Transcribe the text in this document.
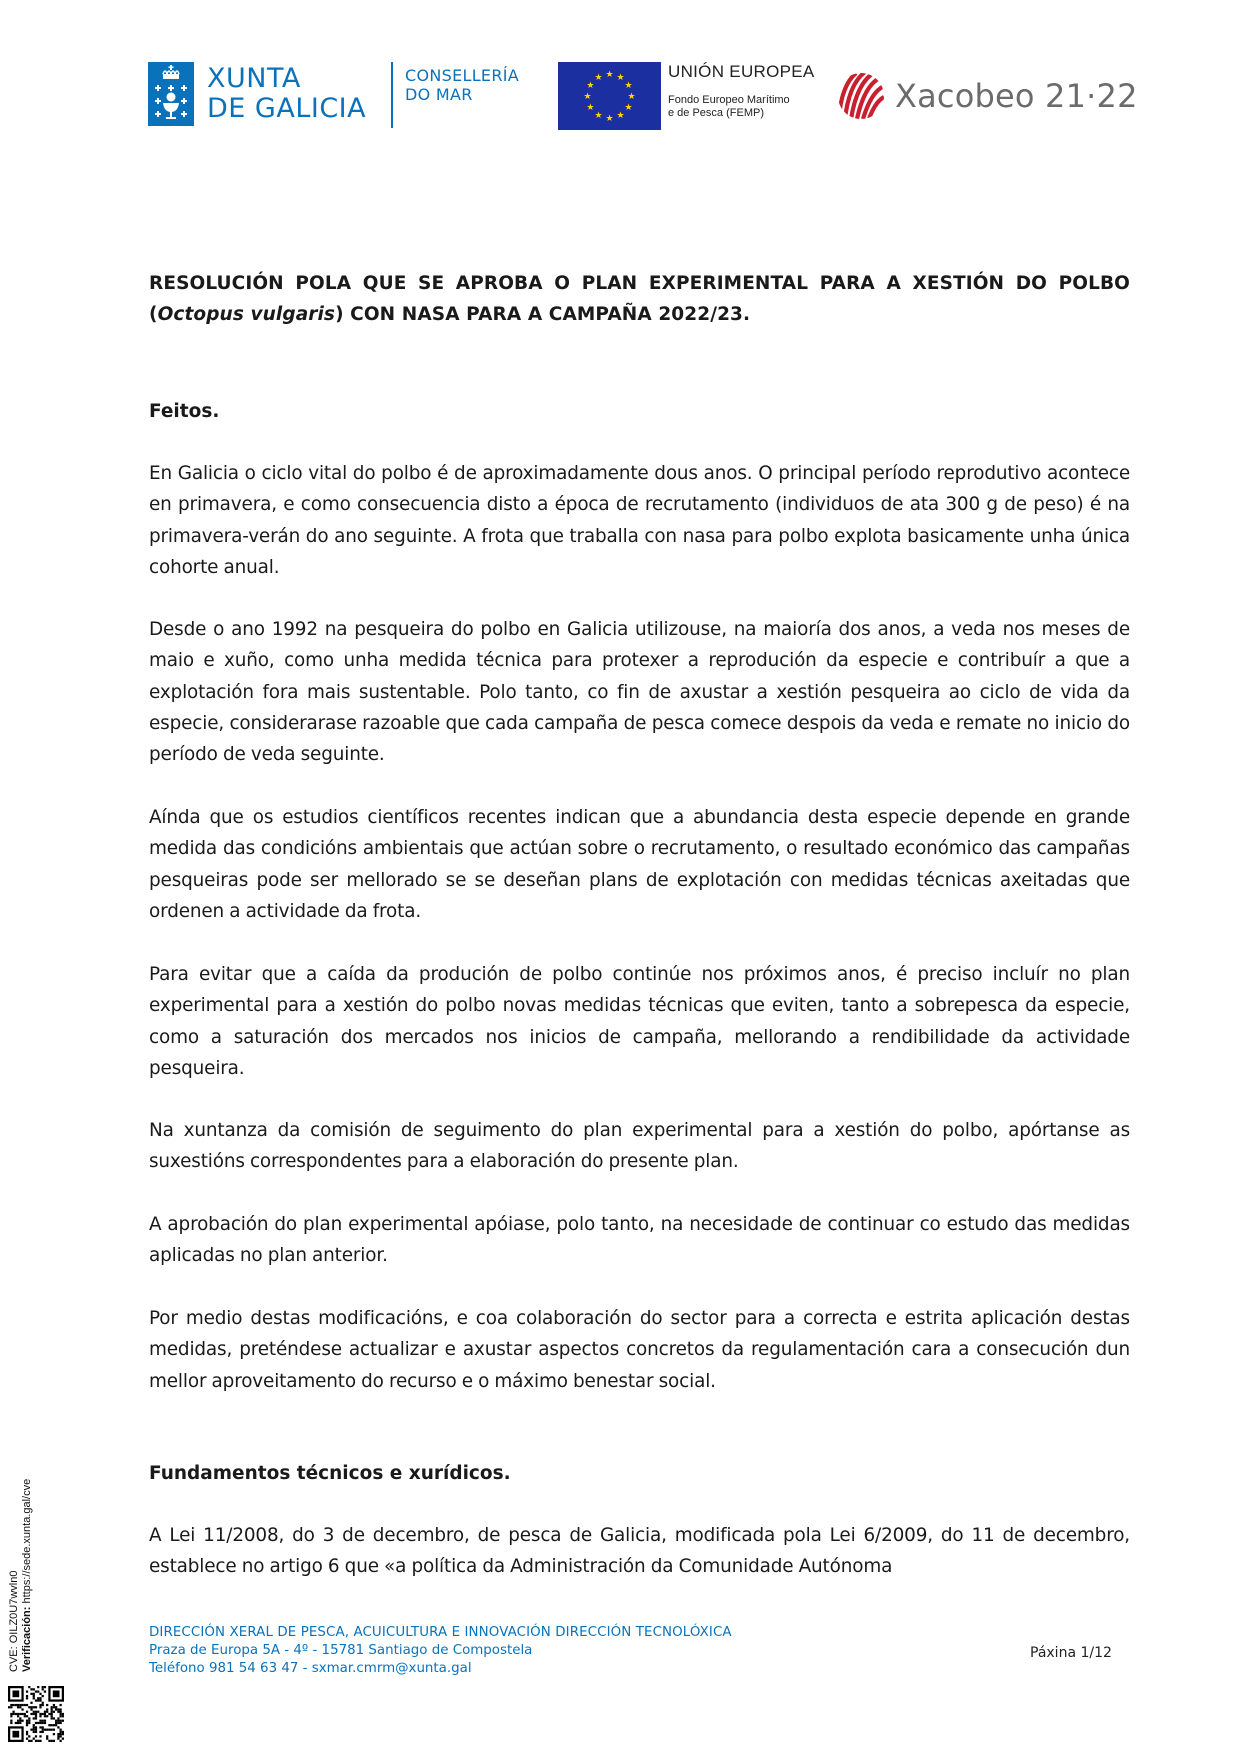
XUNTA
DE GALICIA
CONSELLERÍA
DO MAR
★ ★
★
★
★
★
★
★
★
★
★
★	UNIÓN EUROPEA
Fondo Europeo Marítimo
e de Pesca (FEMP)	Xacobeo 21·22
RESOLUCIÓN POLA QUE SE APROBA O PLAN EXPERIMENTAL PARA A XESTIÓN DO POLBO (Octopus vulgaris) CON NASA PARA A CAMPAÑA 2022/23.
Feitos.

En Galicia o ciclo vital do polbo é de aproximadamente dous anos. O principal período reprodutivo acontece en primavera, e como consecuencia disto a época de recrutamento (individuos de ata 300 g de peso) é na primavera-verán do ano seguinte. A frota que traballa con nasa para polbo explota basicamente unha única cohorte anual.

Desde o ano 1992 na pesqueira do polbo en Galicia utilizouse, na maioría dos anos, a veda nos meses de maio e xuño, como unha medida técnica para protexer a reprodución da especie e contribuír a que a explotación fora mais sustentable. Polo tanto, co fin de axustar a xestión pesqueira ao ciclo de vida da especie, considerarase razoable que cada campaña de pesca comece despois da veda e remate no inicio do período de veda seguinte.

Aínda que os estudios científicos recentes indican que a abundancia desta especie depende en grande medida das condicións ambientais que actúan sobre o recrutamento, o resultado económico das campañas pesqueiras pode ser mellorado se se deseñan plans de explotación con medidas técnicas axeitadas que ordenen a actividade da frota.

Para evitar que a caída da produción de polbo continúe nos próximos anos, é preciso incluír no plan experimental para a xestión do polbo novas medidas técnicas que eviten, tanto a sobrepesca da especie, como a saturación dos mercados nos inicios de campaña, mellorando a rendibilidade da actividade pesqueira.

Na xuntanza da comisión de seguimento do plan experimental para a xestión do polbo, apórtanse as suxestións correspondentes para a elaboración do presente plan.

A aprobación do plan experimental apóiase, polo tanto, na necesidade de continuar co estudo das medidas aplicadas no plan anterior.

Por medio destas modificacións, e coa colaboración do sector para a correcta e estrita aplicación destas medidas, preténdese actualizar e axustar aspectos concretos da regulamentación cara a consecución dun mellor aproveitamento do recurso e o máximo benestar social.

Fundamentos técnicos e xurídicos.

A Lei 11/2008, do 3 de decembro, de pesca de Galicia, modificada pola Lei 6/2009, do 11 de decembro, establece no artigo 6 que «a política da Administración da Comunidade Autónoma

DIRECCIÓN XERAL DE PESCA, ACUICULTURA E INNOVACIÓN DIRECCIÓN TECNOLÓXICA
Praza de Europa 5A - 4º - 15781 Santiago de Compostela
Teléfono 981 54 63 47 - sxmar.cmrm@xunta.gal
Páxina 1/12
CVE: OILZ0U7wvln0 Verificación: https://sede.xunta.gal/cve
